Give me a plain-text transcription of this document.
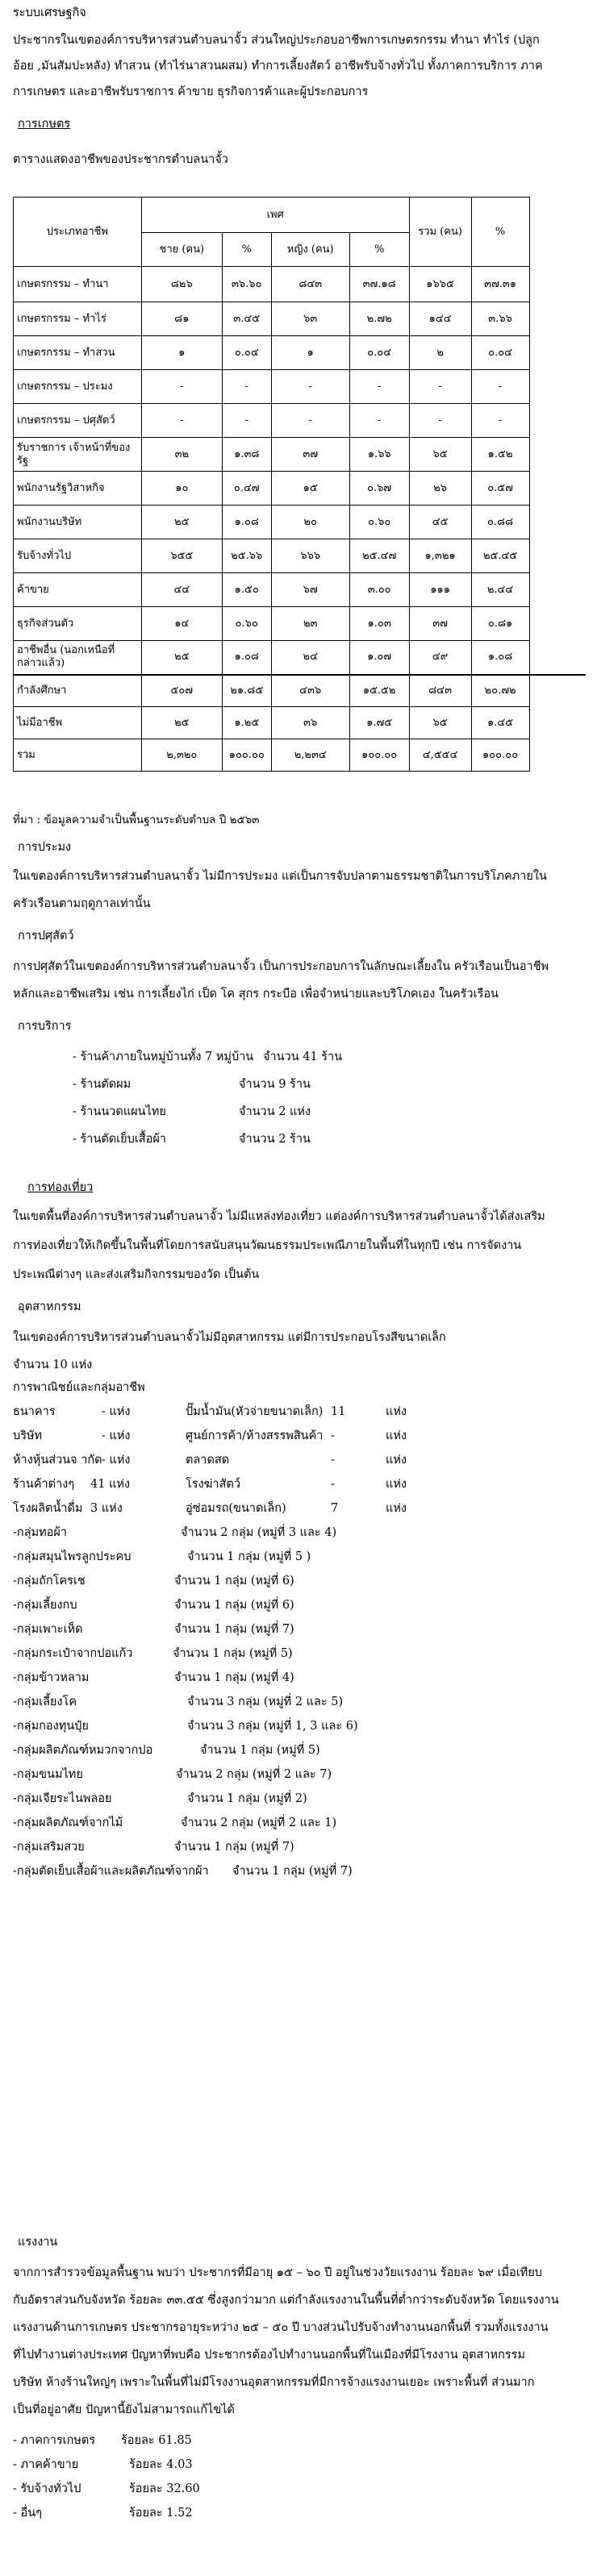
ระบบเศรษฐกิจ
ประชากรในเขตองค์การบริหารส่วนตำบลนาจั้ว ส่วนใหญ่ประกอบอาชีพการเกษตรกรรม ทำนา ทำไร่ (ปลูก
อ้อย ,มันสัมปะหลัง) ทำสวน (ทำไร่นาสวนผสม) ทำการเลี้ยงสัตว์ อาชีพรับจ้างทั่วไป ทั้งภาคการบริการ ภาค
การเกษตร และอาชีพรับราชการ ค้าขาย ธุรกิจการค้าและผู้ประกอบการ
การเกษตร
ตารางแสดงอาชีพของประชากรตำบลนาจั้ว
ประเภทอาชีพ	เพศ				รวม (คน)	%
	ชาย (คน)	%	หญิง (คน)	%		
เกษตรกรรม – ทำนา	๘๒๖	๓๖.๖๐	๘๔๓	๓๗.๑๘	๑๖๖๕	๓๗.๓๑
เกษตรกรรม – ทำไร่	๘๑	๓.๔๕	๖๓	๒.๗๒	๑๔๔	๓.๖๖
เกษตรกรรม – ทำสวน	๑	๐.๐๔	๑	๐.๐๔	๒	๐.๐๔
เกษตรกรรม – ประมง	-	-	-	-	-	-
เกษตรกรรม – ปศุสัตว์	-	-	-	-	-	-
รับราชการ เจ้าหน้าที่ของรัฐ	๓๒	๑.๓๘	๓๗	๑.๖๖	๖๕	๑.๕๒
พนักงานรัฐวิสาหกิจ	๑๐	๐.๔๗	๑๕	๐.๖๗	๒๖	๐.๕๗
พนักงานบริษัท	๒๕	๑.๐๘	๒๐	๐.๖๐	๔๕	๐.๘๘
รับจ้างทั่วไป	๖๕๕	๒๕.๖๖	๖๖๖	๒๕.๔๗	๑,๓๒๑	๒๕.๔๕
ค้าขาย	๔๔	๑.๕๐	๖๗	๓.๐๐	๑๑๑	๒.๔๔
ธุรกิจส่วนตัว	๑๔	๐.๖๐	๒๓	๑.๐๓	๓๗	๐.๘๑
อาชีพอื่น (นอกเหนือที่กล่าวแล้ว)	๒๕	๑.๐๘	๒๔	๑.๐๗	๔๙	๑.๐๘
กำลังศึกษา	๕๐๗	๒๑.๘๕	๔๓๖	๑๕.๕๒	๘๔๓	๒๐.๗๒
ไม่มีอาชีพ	๒๕	๑.๒๕	๓๖	๑.๗๕	๖๕	๑.๔๕
รวม	๒,๓๒๐	๑๐๐.๐๐	๒,๒๓๔	๑๐๐.๐๐	๔,๕๕๔	๑๐๐.๐๐
ที่มา : ข้อมูลความจำเป็นพื้นฐานระดับตำบล ปี ๒๕๖๓
การประมง
ในเขตองค์การบริหารส่วนตำบลนาจั้ว ไม่มีการประมง แต่เป็นการจับปลาตามธรรมชาติในการบริโภคภายใน
ครัวเรือนตามฤดูกาลเท่านั้น
การปศุสัตว์
การปศุสัตว์ในเขตองค์การบริหารส่วนตำบลนาจั้ว เป็นการประกอบการในลักษณะเลี้ยงใน ครัวเรือนเป็นอาชีพ
หลักและอาชีพเสริม เช่น การเลี้ยงไก่ เป็ด โค สุกร กระบือ เพื่อจำหน่ายและบริโภคเอง ในครัวเรือน
การบริการ
- ร้านค้าภายในหมู่บ้านทั้ง 7 หมู่บ้าน จำนวน 41 ร้าน
- ร้านตัดผม	จำนวน 9 ร้าน
- ร้านนวดแผนไทย	จำนวน 2 แห่ง
- ร้านตัดเย็บเสื้อผ้า	จำนวน 2 ร้าน
การท่องเที่ยว
ในเขตพื้นที่องค์การบริหารส่วนตำบลนาจั้ว ไม่มีแหล่งท่องเที่ยว แต่องค์การบริหารส่วนตำบลนาจั้วได้ส่งเสริม
การท่องเที่ยวให้เกิดขึ้นในพื้นที่โดยการสนับสนุนวัฒนธรรมประเพณีภายในพื้นที่ในทุกปี เช่น การจัดงาน
ประเพณีต่างๆ และส่งเสริมกิจกรรมของวัด เป็นต้น
อุตสาหกรรม
ในเขตองค์การบริหารส่วนตำบลนาจั้วไม่มีอุตสาหกรรม แต่มีการประกอบโรงสีขนาดเล็ก
จำนวน 10 แห่ง
การพาณิชย์และกลุ่มอาชีพ
ธนาคาร	- แห่ง	ปั๊มน้ำมัน(หัวจ่ายขนาดเล็ก) 11	แห่ง
บริษัท	- แห่ง	ศูนย์การค้า/ห้างสรรพสินค้า -	แห่ง
ห้างหุ้นส่วนจ ากัด - แห่ง	ตลาดสด	-	แห่ง
ร้านค้าต่างๆ 41 แห่ง	โรงฆ่าสัตว์	-	แห่ง
โรงผลิตน้ำดื่ม 3 แห่ง	อู่ซ่อมรถ(ขนาดเล็ก)	7	แห่ง
-กลุ่มทอผ้า	จำนวน 2 กลุ่ม (หมู่ที่ 3 และ 4)
-กลุ่มสมุนไพรลูกประคบ	จำนวน 1 กลุ่ม (หมู่ที่ 5 )
-กลุ่มถักโครเช	จำนวน 1 กลุ่ม (หมู่ที่ 6)
-กลุ่มเลี้ยงกบ	จำนวน 1 กลุ่ม (หมู่ที่ 6)
-กลุ่มเพาะเห็ด	จำนวน 1 กลุ่ม (หมู่ที่ 7)
-กลุ่มกระเป๋าจากปอแก้ว	จำนวน 1 กลุ่ม (หมู่ที่ 5)
-กลุ่มข้าวหลาม	จำนวน 1 กลุ่ม (หมู่ที่ 4)
-กลุ่มเลี้ยงโค	จำนวน 3 กลุ่ม (หมู่ที่ 2 และ 5)
-กลุ่มกองทุนปุ๋ย	จำนวน 3 กลุ่ม (หมู่ที่ 1, 3 และ 6)
-กลุ่มผลิตภัณฑ์หมวกจากปอ	จำนวน 1 กลุ่ม (หมู่ที่ 5)
-กลุ่มขนมไทย	จำนวน 2 กลุ่ม (หมู่ที่ 2 และ 7)
-กลุ่มเจียระไนพลอย	จำนวน 1 กลุ่ม (หมู่ที่ 2)
-กลุ่มผลิตภัณฑ์จากไม้	จำนวน 2 กลุ่ม (หมู่ที่ 2 และ 1)
-กลุ่มเสริมสวย	จำนวน 1 กลุ่ม (หมู่ที่ 7)
-กลุ่มตัดเย็บเสื้อผ้าและผลิตภัณฑ์จากผ้า จำนวน 1 กลุ่ม (หมู่ที่ 7)
แรงงาน
จากการสำรวจข้อมูลพื้นฐาน พบว่า ประชากรที่มีอายุ ๑๕ – ๖๐ ปี อยู่ในช่วงวัยแรงงาน ร้อยละ ๖๙ เมื่อเทียบ
กับอัตราส่วนกับจังหวัด ร้อยละ ๓๓.๕๕ ซึ่งสูงกว่ามาก แต่กำลังแรงงานในพื้นที่ต่ำกว่าระดับจังหวัด โดยแรงงาน
แรงงานด้านการเกษตร ประชากรอายุระหว่าง ๒๕ – ๕๐ ปี บางส่วนไปรับจ้างทำงานนอกพื้นที่ รวมทั้งแรงงาน
ที่ไปทำงานต่างประเทศ ปัญหาที่พบคือ ประชากรต้องไปทำงานนอกพื้นที่ในเมืองที่มีโรงงาน อุตสาหกรรม
บริษัท ห้างร้านใหญ่ๆ เพราะในพื้นที่ไม่มีโรงงานอุตสาหกรรมที่มีการจ้างแรงงานเยอะ เพราะพื้นที่ ส่วนมาก
เป็นที่อยู่อาศัย ปัญหานี้ยังไม่สามารถแก้ไขได้
- ภาคการเกษตร ร้อยละ 61.85
- ภาคค้าขาย	ร้อยละ 4.03
- รับจ้างทั่วไป	ร้อยละ 32.60
- อื่นๆ	ร้อยละ 1.52
